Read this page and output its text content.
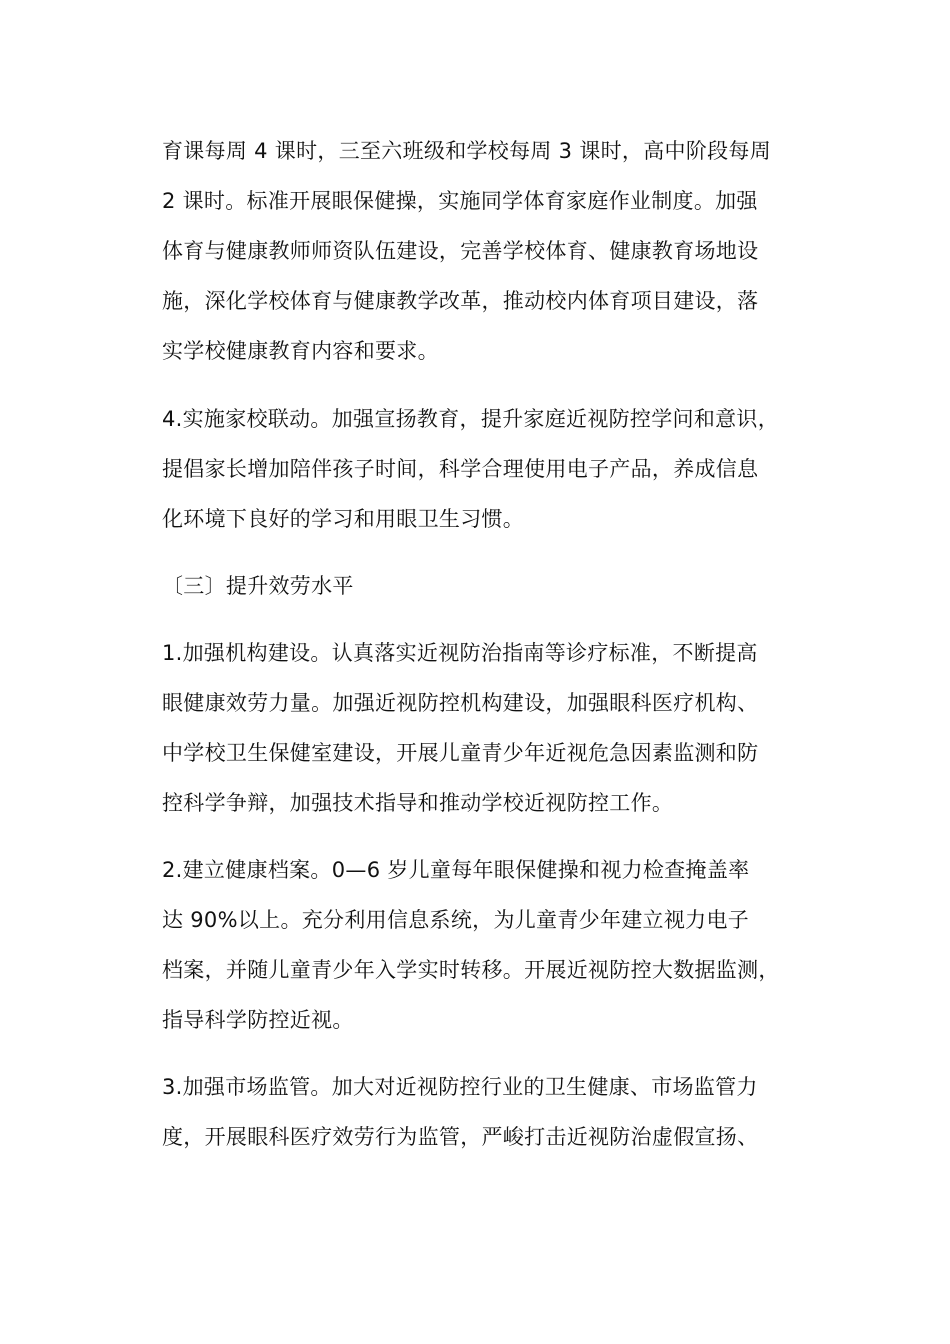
育课每周 4 课时，三至六班级和学校每周 3 课时，高中阶段每周
2 课时。标准开展眼保健操，实施同学体育家庭作业制度。加强
体育与健康教师师资队伍建设，完善学校体育、健康教育场地设
施，深化学校体育与健康教学改革，推动校内体育项目建设，落
实学校健康教育内容和要求。
4.实施家校联动。加强宣扬教育，提升家庭近视防控学问和意识，
提倡家长增加陪伴孩子时间，科学合理使用电子产品，养成信息
化环境下良好的学习和用眼卫生习惯。
〔三〕提升效劳水平
1.加强机构建设。认真落实近视防治指南等诊疗标准，不断提高
眼健康效劳力量。加强近视防控机构建设，加强眼科医疗机构、
中学校卫生保健室建设，开展儿童青少年近视危急因素监测和防
控科学争辩，加强技术指导和推动学校近视防控工作。
2.建立健康档案。0—6 岁儿童每年眼保健操和视力检查掩盖率
达 90%以上。充分利用信息系统，为儿童青少年建立视力电子
档案，并随儿童青少年入学实时转移。开展近视防控大数据监测，
指导科学防控近视。
3.加强市场监管。加大对近视防控行业的卫生健康、市场监管力
度，开展眼科医疗效劳行为监管，严峻打击近视防治虚假宣扬、
